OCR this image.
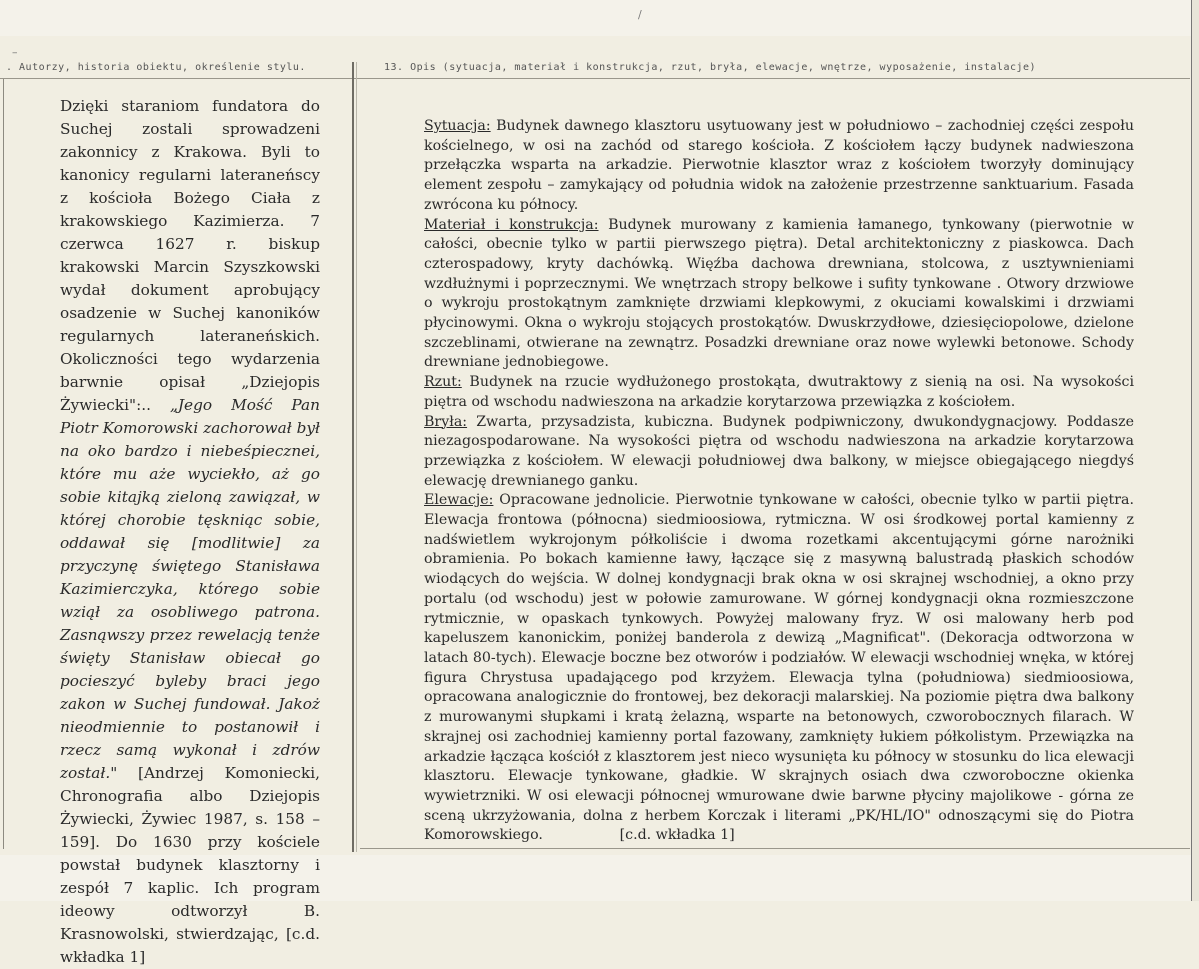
/
–
. Autorzy, historia obiektu, określenie stylu.	13. Opis (sytuacja, materiał i konstrukcja, rzut, bryła, elewacje, wnętrze, wyposażenie, instalacje)

Dzięki staraniom fundatora do Suchej zostali sprowadzeni zakonnicy z Krakowa. Byli to kanonicy regularni lateraneńscy z kościoła Bożego Ciała z krakowskiego Kazimierza. 7 czerwca 1627 r. biskup krakowski Marcin Szyszkowski wydał dokument aprobujący osadzenie w Suchej kanoników regularnych lateraneńskich. Okoliczności tego wydarzenia barwnie opisał „Dziejopis Żywiecki":.. „Jego Mość Pan Piotr Komorowski zachorował był na oko bardzo i niebeśpiecznei, które mu aże wyciekło, aż go sobie kitajką zieloną zawiązał, w której chorobie tęskniąc sobie, oddawał się [modlitwie] za przyczynę świętego Stanisława Kazimierczyka, którego sobie wziął za osobliwego patrona. Zasnąwszy przez rewelacją tenże święty Stanisław obiecał go pocieszyć byleby braci jego zakon w Suchej fundował. Jakoż nieodmiennie to postanowił i rzecz samą wykonał i zdrów został." [Andrzej Komoniecki, Chronografia albo Dziejopis Żywiecki, Żywiec 1987, s. 158 – 159]. Do 1630 przy kościele powstał budynek klasztorny i zespół 7 kaplic. Ich program ideowy odtworzył B. Krasnowolski, stwierdzając, [c.d. wkładka 1]

Sytuacja: Budynek dawnego klasztoru usytuowany jest w południowo – zachodniej części zespołu kościelnego, w osi na zachód od starego kościoła. Z kościołem łączy budynek nadwieszona przełączka wsparta na arkadzie. Pierwotnie klasztor wraz z kościołem tworzyły dominujący element zespołu – zamykający od południa widok na założenie przestrzenne sanktuarium. Fasada zwrócona ku północy.

Materiał i konstrukcja: Budynek murowany z kamienia łamanego, tynkowany (pierwotnie w całości, obecnie tylko w partii pierwszego piętra). Detal architektoniczny z piaskowca. Dach czterospadowy, kryty dachówką. Więźba dachowa drewniana, stolcowa, z usztywnieniami wzdłużnymi i poprzecznymi. We wnętrzach stropy belkowe i sufity tynkowane . Otwory drzwiowe o wykroju prostokątnym zamknięte drzwiami klepkowymi, z okuciami kowalskimi i drzwiami płycinowymi. Okna o wykroju stojących prostokątów. Dwuskrzydłowe, dziesięciopolowe, dzielone szczeblinami, otwierane na zewnątrz. Posadzki drewniane oraz nowe wylewki betonowe. Schody drewniane jednobiegowe.

Rzut: Budynek na rzucie wydłużonego prostokąta, dwutraktowy z sienią na osi. Na wysokości piętra od wschodu nadwieszona na arkadzie korytarzowa przewiązka z kościołem.

Bryła: Zwarta, przysadzista, kubiczna. Budynek podpiwniczony, dwukondygnacjowy. Poddasze niezagospodarowane. Na wysokości piętra od wschodu nadwieszona na arkadzie korytarzowa przewiązka z kościołem. W elewacji południowej dwa balkony, w miejsce obiegającego niegdyś elewację drewnianego ganku.

Elewacje: Opracowane jednolicie. Pierwotnie tynkowane w całości, obecnie tylko w partii piętra. Elewacja frontowa (północna) siedmioosiowa, rytmiczna. W osi środkowej portal kamienny z nadświetlem wykrojonym półkoliście i dwoma rozetkami akcentującymi górne narożniki obramienia. Po bokach kamienne ławy, łączące się z masywną balustradą płaskich schodów wiodących do wejścia. W dolnej kondygnacji brak okna w osi skrajnej wschodniej, a okno przy portalu (od wschodu) jest w połowie zamurowane. W górnej kondygnacji okna rozmieszczone rytmicznie, w opaskach tynkowych. Powyżej malowany fryz. W osi malowany herb pod kapeluszem kanonickim, poniżej banderola z dewizą „Magnificat". (Dekoracja odtworzona w latach 80-tych). Elewacje boczne bez otworów i podziałów. W elewacji wschodniej wnęka, w której figura Chrystusa upadającego pod krzyżem. Elewacja tylna (południowa) siedmioosiowa, opracowana analogicznie do frontowej, bez dekoracji malarskiej. Na poziomie piętra dwa balkony z murowanymi słupkami i kratą żelazną, wsparte na betonowych, czworobocznych filarach. W skrajnej osi zachodniej kamienny portal fazowany, zamknięty łukiem półkolistym. Przewiązka na arkadzie łącząca kościół z klasztorem jest nieco wysunięta ku północy w stosunku do lica elewacji klasztoru. Elewacje tynkowane, gładkie. W skrajnych osiach dwa czworoboczne okienka wywietrzniki. W osi elewacji północnej wmurowane dwie barwne płyciny majolikowe - górna ze sceną ukrzyżowania, dolna z herbem Korczak i literami „PK/HL/IO" odnoszącymi się do Piotra Komorowskiego.	[c.d. wkładka 1]
